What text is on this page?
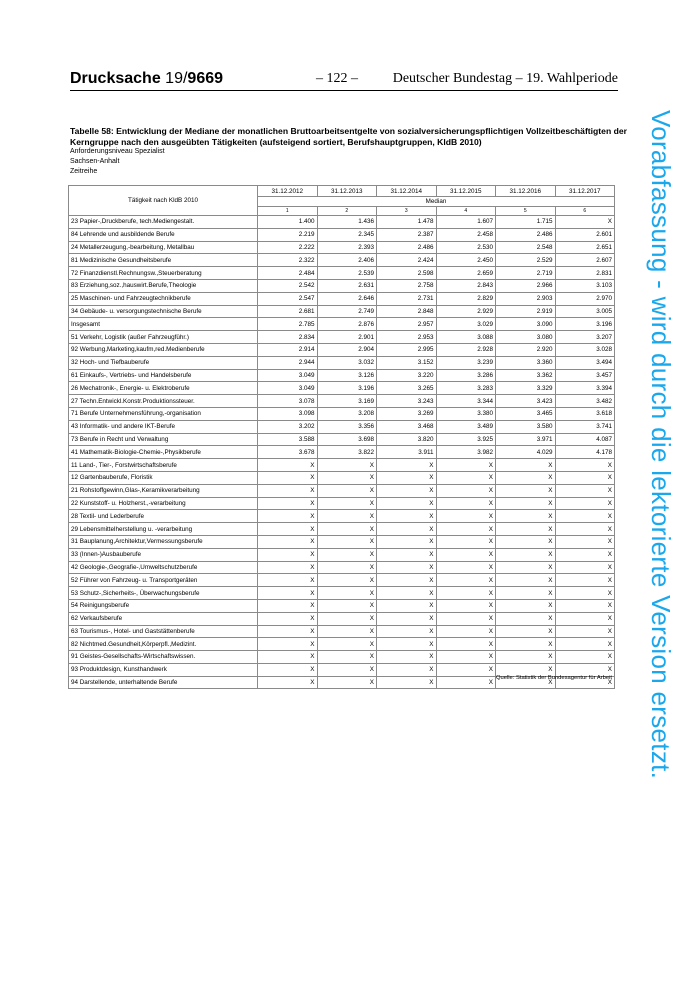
Drucksache 19/9669	– 122 – Deutscher Bundestag – 19. Wahlperiode
Tabelle 58: Entwicklung der Mediane der monatlichen Bruttoarbeitsentgelte von sozialversicherungspflichtigen Vollzeitbeschäftigten der Kerngruppe nach den ausgeübten Tätigkeiten (aufsteigend sortiert, Berufshauptgruppen, KldB 2010)
Anforderungsniveau Spezialist
Sachsen-Anhalt
Zeitreihe
Tätigkeit nach KldB 2010	31.12.2012	31.12.2013	31.12.2014	31.12.2015	31.12.2016	31.12.2017
	Median					
	1	2	3	4	5	6
23 Papier-,Druckberufe, tech.Mediengestalt.	1.400	1.436	1.478	1.607	1.715	X
84 Lehrende und ausbildende Berufe	2.219	2.345	2.387	2.458	2.486	2.601
24 Metallerzeugung,-bearbeitung, Metallbau	2.222	2.393	2.486	2.530	2.548	2.651
81 Medizinische Gesundheitsberufe	2.322	2.406	2.424	2.450	2.529	2.607
72 Finanzdienstl.Rechnungsw.,Steuerberatung	2.484	2.539	2.598	2.659	2.719	2.831
83 Erziehung,soz.,hauswirt.Berufe,Theologie	2.542	2.631	2.758	2.843	2.966	3.103
25 Maschinen- und Fahrzeugtechnikberufe	2.547	2.646	2.731	2.829	2.903	2.970
34 Gebäude- u. versorgungstechnische Berufe	2.681	2.749	2.848	2.929	2.919	3.005
Insgesamt	2.785	2.876	2.957	3.029	3.090	3.196
51 Verkehr, Logistik (außer Fahrzeugführ.)	2.834	2.901	2.953	3.088	3.080	3.207
92 Werbung,Marketing,kaufm,red.Medienberufe	2.914	2.904	2.995	2.928	2.920	3.028
32 Hoch- und Tiefbauberufe	2.944	3.032	3.152	3.239	3.360	3.494
61 Einkaufs-, Vertriebs- und Handelsberufe	3.049	3.126	3.220	3.286	3.362	3.457
26 Mechatronik-, Energie- u. Elektroberufe	3.049	3.196	3.265	3.283	3.329	3.394
27 Techn.Entwickl.Konstr.Produktionssteuer.	3.078	3.169	3.243	3.344	3.423	3.482
71 Berufe Unternehmensführung,-organisation	3.098	3.208	3.269	3.380	3.465	3.618
43 Informatik- und andere IKT-Berufe	3.202	3.356	3.468	3.489	3.580	3.741
73 Berufe in Recht und Verwaltung	3.588	3.698	3.820	3.925	3.971	4.087
41 Mathematik-Biologie-Chemie-,Physikberufe	3.678	3.822	3.911	3.982	4.029	4.178
11 Land-, Tier-, Forstwirtschaftsberufe	X	X	X	X	X	X
12 Gartenbauberufe, Floristik	X	X	X	X	X	X
21 Rohstoffgewinn,Glas-,Keramikverarbeitung	X	X	X	X	X	X
22 Kunststoff- u. Holzherst.,-verarbeitung	X	X	X	X	X	X
28 Textil- und Lederberufe	X	X	X	X	X	X
29 Lebensmittelherstellung u. -verarbeitung	X	X	X	X	X	X
31 Bauplanung,Architektur,Vermessungsberufe	X	X	X	X	X	X
33 (Innen-)Ausbauberufe	X	X	X	X	X	X
42 Geologie-,Geografie-,Umweltschutzberufe	X	X	X	X	X	X
52 Führer von Fahrzeug- u. Transportgeräten	X	X	X	X	X	X
53 Schutz-,Sicherheits-, Überwachungsberufe	X	X	X	X	X	X
54 Reinigungsberufe	X	X	X	X	X	X
62 Verkaufsberufe	X	X	X	X	X	X
63 Tourismus-, Hotel- und Gaststättenberufe	X	X	X	X	X	X
82 Nichtmed.Gesundheit,Körperpfl.,Medizint.	X	X	X	X	X	X
91 Geistes-Gesellschafts-Wirtschaftswissen.	X	X	X	X	X	X
93 Produktdesign, Kunsthandwerk	X	X	X	X	X	X
94 Darstellende, unterhaltende Berufe	X	X	X	X	X	X
Quelle: Statistik der Bundesagentur für Arbeit Vorabfassung - wird durch die lektorierte Version ersetzt.
